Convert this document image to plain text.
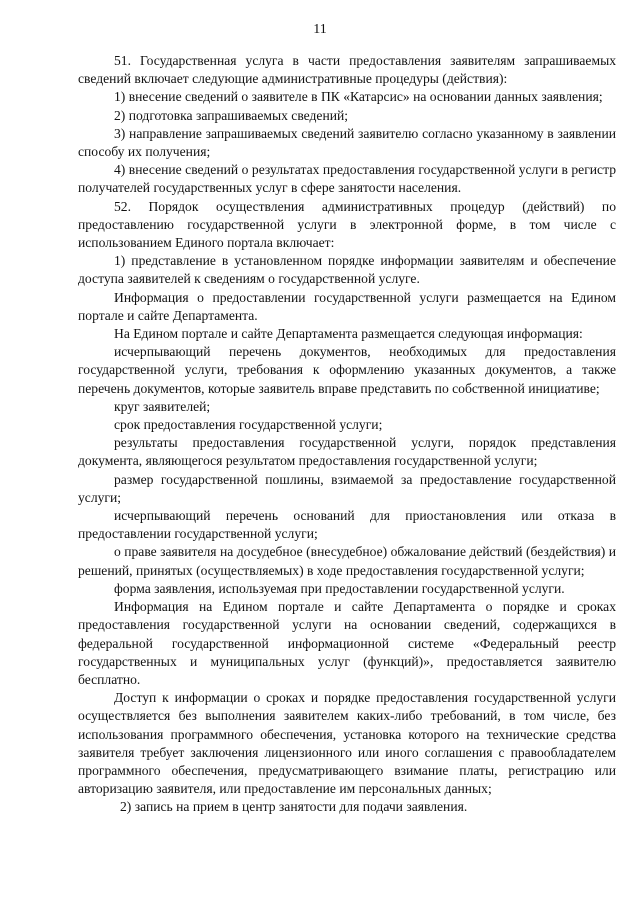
11

51. Государственная услуга в части предоставления заявителям запрашиваемых сведений включает следующие административные процедуры (действия):

1) внесение сведений о заявителе в ПК «Катарсис» на основании данных заявления;

2) подготовка запрашиваемых сведений;

3) направление запрашиваемых сведений заявителю согласно указанному в заявлении способу их получения;

4) внесение сведений о результатах предоставления государственной услуги в регистр получателей государственных услуг в сфере занятости населения.

52. Порядок осуществления административных процедур (действий) по предоставлению государственной услуги в электронной форме, в том числе с использованием Единого портала включает:

1) представление в установленном порядке информации заявителям и обеспечение доступа заявителей к сведениям о государственной услуге.

Информация о предоставлении государственной услуги размещается на Едином портале и сайте Департамента.

На Едином портале и сайте Департамента размещается следующая информация:

исчерпывающий перечень документов, необходимых для предоставления государственной услуги, требования к оформлению указанных документов, а также перечень документов, которые заявитель вправе представить по собственной инициативе;

круг заявителей;

срок предоставления государственной услуги;

результаты предоставления государственной услуги, порядок представления документа, являющегося результатом предоставления государственной услуги;

размер государственной пошлины, взимаемой за предоставление государственной услуги;

исчерпывающий перечень оснований для приостановления или отказа в предоставлении государственной услуги;

о праве заявителя на досудебное (внесудебное) обжалование действий (бездействия) и решений, принятых (осуществляемых) в ходе предоставления государственной услуги;

форма заявления, используемая при предоставлении государственной услуги.

Информация на Едином портале и сайте Департамента о порядке и сроках предоставления государственной услуги на основании сведений, содержащихся в федеральной государственной информационной системе «Федеральный реестр государственных и муниципальных услуг (функций)», предоставляется заявителю бесплатно.

Доступ к информации о сроках и порядке предоставления государственной услуги осуществляется без выполнения заявителем каких-либо требований, в том числе, без использования программного обеспечения, установка которого на технические средства заявителя требует заключения лицензионного или иного соглашения с правообладателем программного обеспечения, предусматривающего взимание платы, регистрацию или авторизацию заявителя, или предоставление им персональных данных;

2) запись на прием в центр занятости для подачи заявления.
